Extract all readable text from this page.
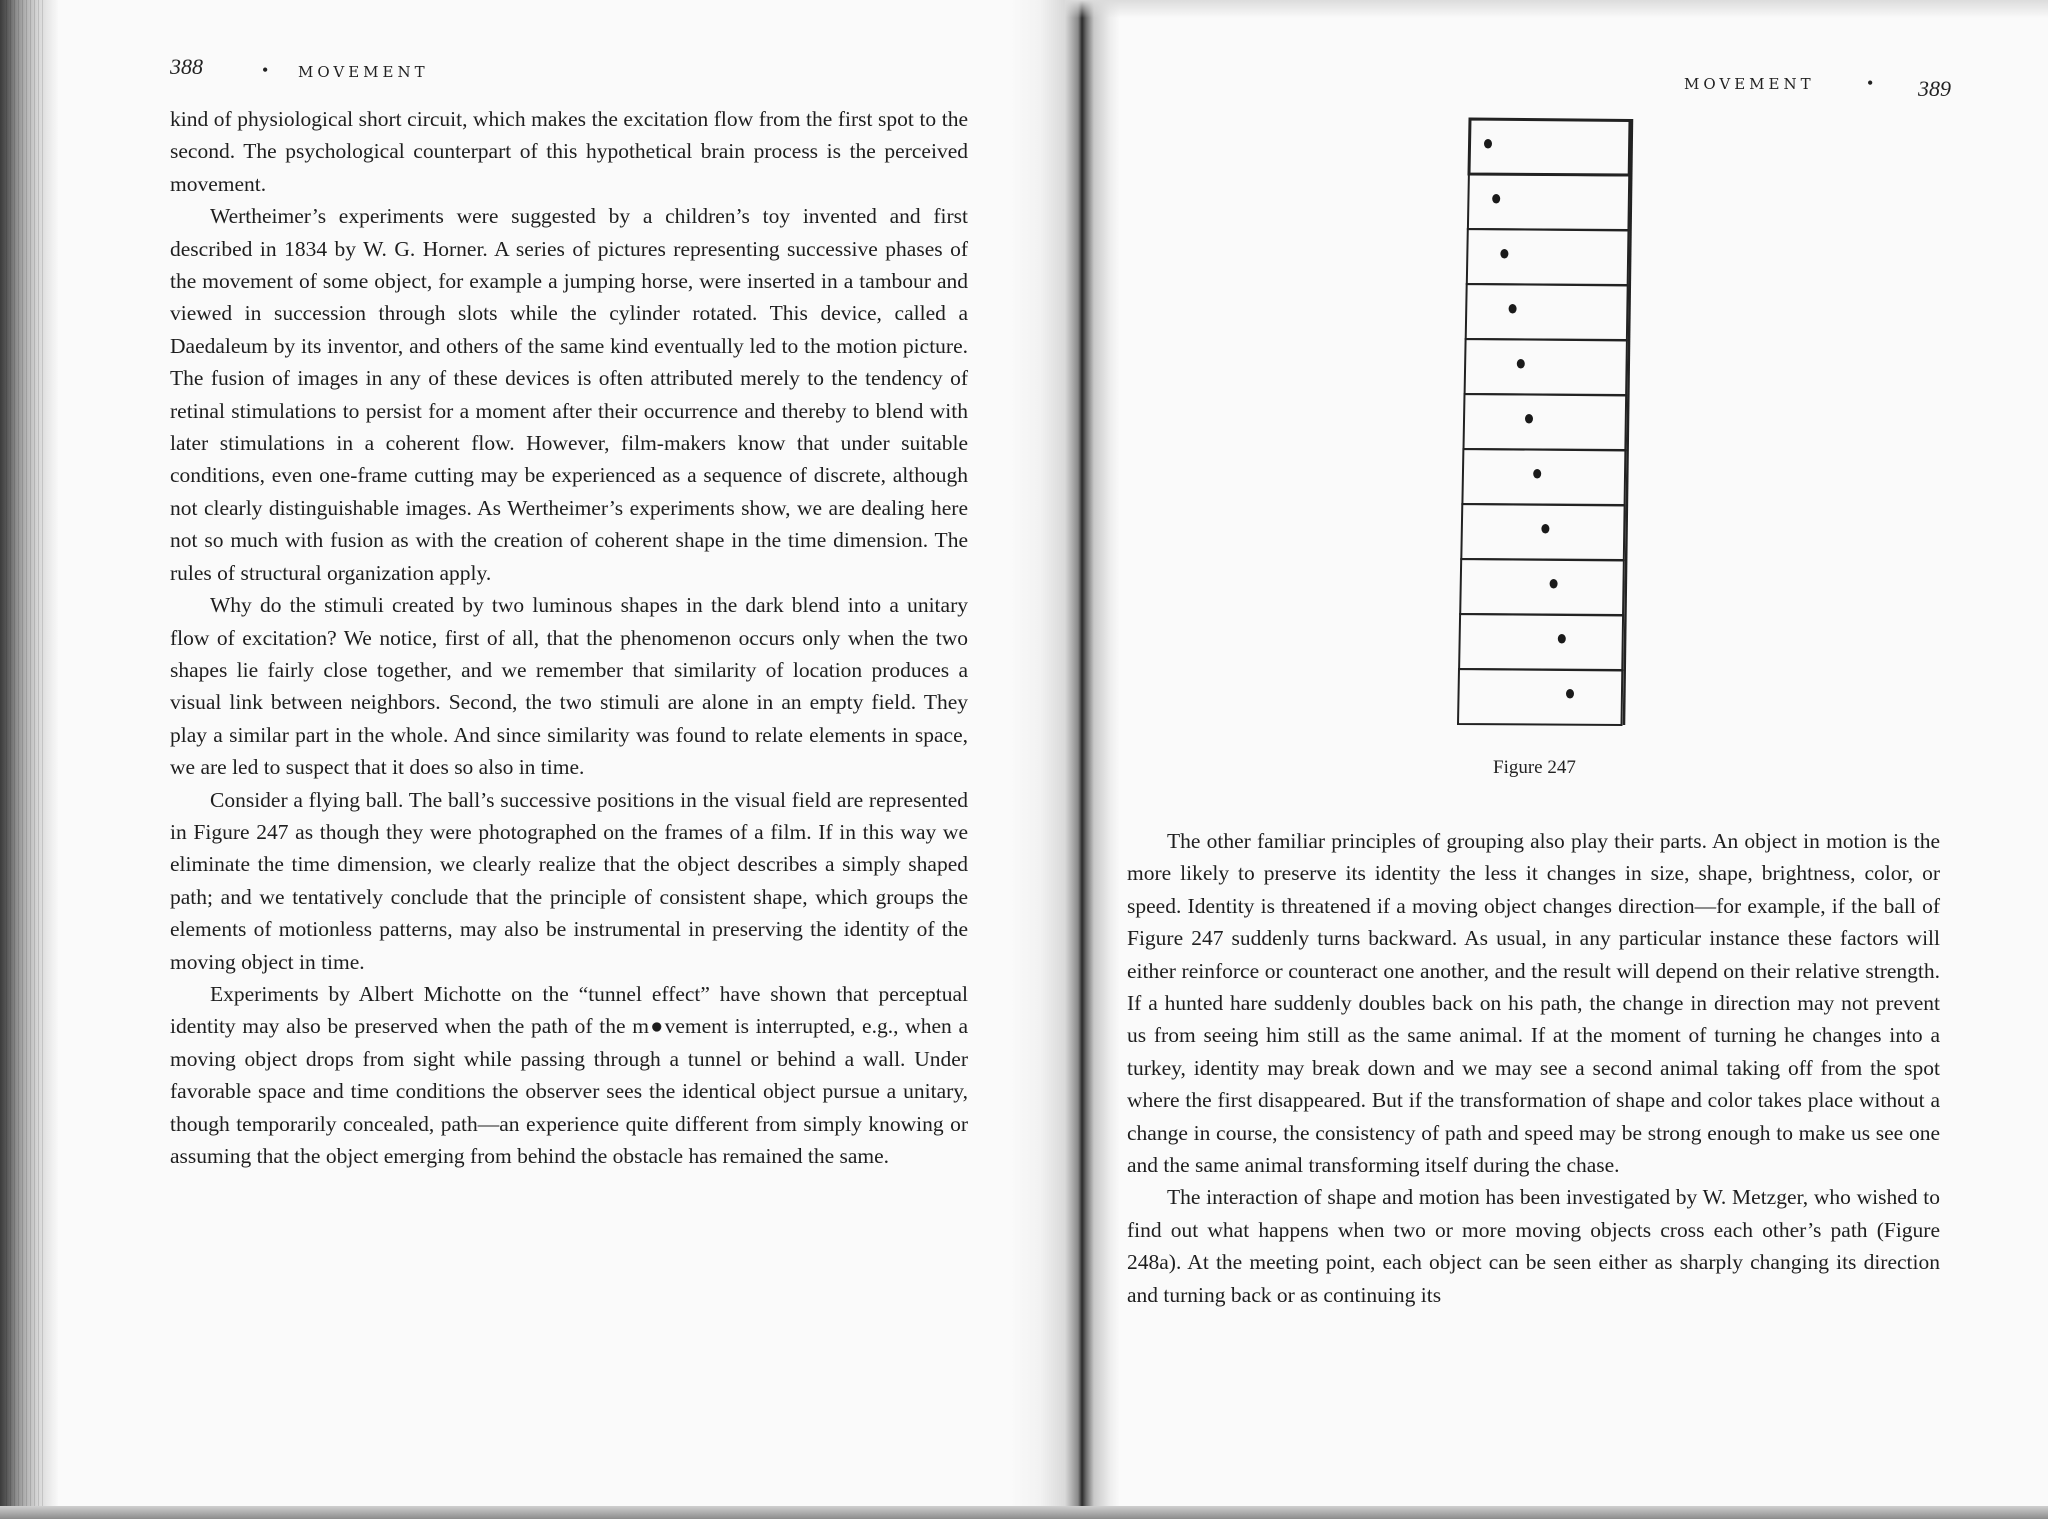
388	• MOVEMENT

kind of physiological short circuit, which makes the excitation flow from the first spot to the second. The psychological counterpart of this hypothetical brain process is the perceived movement.

Wertheimer’s experiments were suggested by a children’s toy invented and first described in 1834 by W. G. Horner. A series of pictures representing successive phases of the movement of some object, for example a jumping horse, were inserted in a tambour and viewed in succession through slots while the cylinder rotated. This device, called a Daedaleum by its inventor, and others of the same kind eventually led to the motion picture. The fusion of images in any of these devices is often attributed merely to the tendency of retinal stimulations to persist for a moment after their occurrence and thereby to blend with later stimulations in a coherent flow. However, film-makers know that under suitable conditions, even one-frame cutting may be experienced as a sequence of discrete, although not clearly distinguishable images. As Wertheimer’s experiments show, we are dealing here not so much with fusion as with the creation of coherent shape in the time dimension. The rules of structural organization apply.

Why do the stimuli created by two luminous shapes in the dark blend into a unitary flow of excitation? We notice, first of all, that the phenomenon occurs only when the two shapes lie fairly close together, and we remember that similarity of location produces a visual link between neighbors. Second, the two stimuli are alone in an empty field. They play a similar part in the whole. And since similarity was found to relate elements in space, we are led to suspect that it does so also in time.

Consider a flying ball. The ball’s successive positions in the visual field are represented in Figure 247 as though they were photographed on the frames of a film. If in this way we eliminate the time dimension, we clearly realize that the object describes a simply shaped path; and we tentatively conclude that the principle of consistent shape, which groups the elements of motionless patterns, may also be instrumental in preserving the identity of the moving object in time.

Experiments by Albert Michotte on the “tunnel effect” have shown that perceptual identity may also be preserved when the path of the m●vement is interrupted, e.g., when a moving object drops from sight while passing through a tunnel or behind a wall. Under favorable space and time conditions the observer sees the identical object pursue a unitary, though temporarily concealed, path—an experience quite different from simply knowing or assuming that the object emerging from behind the obstacle has remained the same.

MOVEMENT	• 389
Figure 247

The other familiar principles of grouping also play their parts. An object in motion is the more likely to preserve its identity the less it changes in size, shape, brightness, color, or speed. Identity is threatened if a moving object changes direction—for example, if the ball of Figure 247 suddenly turns backward. As usual, in any particular instance these factors will either reinforce or counteract one another, and the result will depend on their relative strength. If a hunted hare suddenly doubles back on his path, the change in direction may not prevent us from seeing him still as the same animal. If at the moment of turning he changes into a turkey, identity may break down and we may see a second animal taking off from the spot where the first disappeared. But if the transformation of shape and color takes place without a change in course, the consistency of path and speed may be strong enough to make us see one and the same animal transforming itself during the chase.

The interaction of shape and motion has been investigated by W. Metzger, who wished to find out what happens when two or more moving objects cross each other’s path (Figure 248a). At the meeting point, each object can be seen either as sharply changing its direction and turning back or as continuing its
